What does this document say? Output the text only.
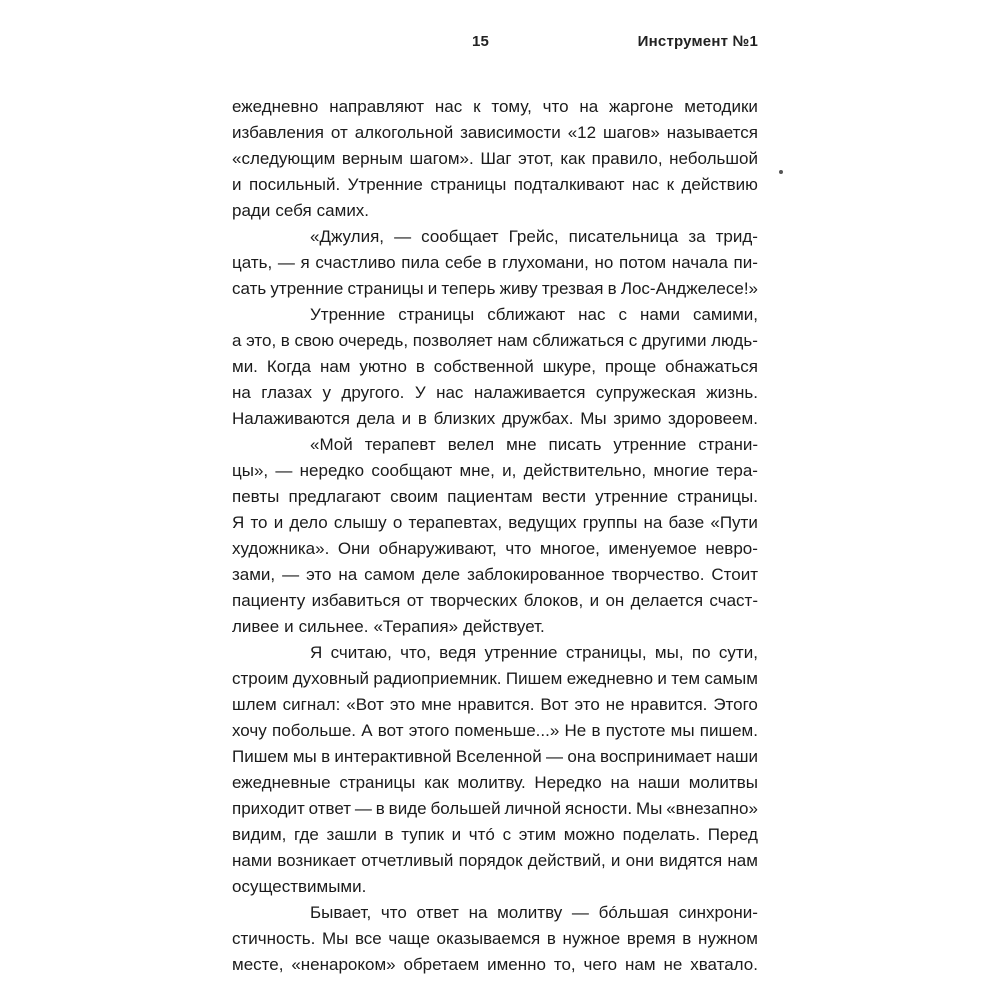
15	Инструмент №1
ежедневно направляют нас к тому, что на жаргоне методики
избавления от алкогольной зависимости «12 шагов» называется
«следующим верным шагом». Шаг этот, как правило, небольшой
и посильный. Утренние страницы подталкивают нас к действию
ради себя самих.
«Джулия, — сообщает Грейс, писательница за трид-
цать, — я счастливо пила себе в глухомани, но потом начала пи-
сать утренние страницы и теперь живу трезвая в Лос-Анджелесе!»
Утренние страницы сближают нас с нами самими,
а это, в свою очередь, позволяет нам сближаться с другими людь-
ми. Когда нам уютно в собственной шкуре, проще обнажаться
на глазах у другого. У нас налаживается супружеская жизнь.
Налаживаются дела и в близких дружбах. Мы зримо здоровеем.
«Мой терапевт велел мне писать утренние страни-
цы», — нередко сообщают мне, и, действительно, многие тера-
певты предлагают своим пациентам вести утренние страницы.
Я то и дело слышу о терапевтах, ведущих группы на базе «Пути
художника». Они обнаруживают, что многое, именуемое невро-
зами, — это на самом деле заблокированное творчество. Стоит
пациенту избавиться от творческих блоков, и он делается счаст-
ливее и сильнее. «Терапия» действует.
Я считаю, что, ведя утренние страницы, мы, по сути,
строим духовный радиоприемник. Пишем ежедневно и тем самым
шлем сигнал: «Вот это мне нравится. Вот это не нравится. Этого
хочу побольше. А вот этого поменьше...» Не в пустоте мы пишем.
Пишем мы в интерактивной Вселенной — она воспринимает наши
ежедневные страницы как молитву. Нередко на наши молитвы
приходит ответ — в виде большей личной ясности. Мы «внезапно»
видим, где зашли в тупик и чтó с этим можно поделать. Перед
нами возникает отчетливый порядок действий, и они видятся нам
осуществимыми.
Бывает, что ответ на молитву — бóльшая синхрони-
стичность. Мы все чаще оказываемся в нужное время в нужном
месте, «ненароком» обретаем именно то, чего нам не хватало.
